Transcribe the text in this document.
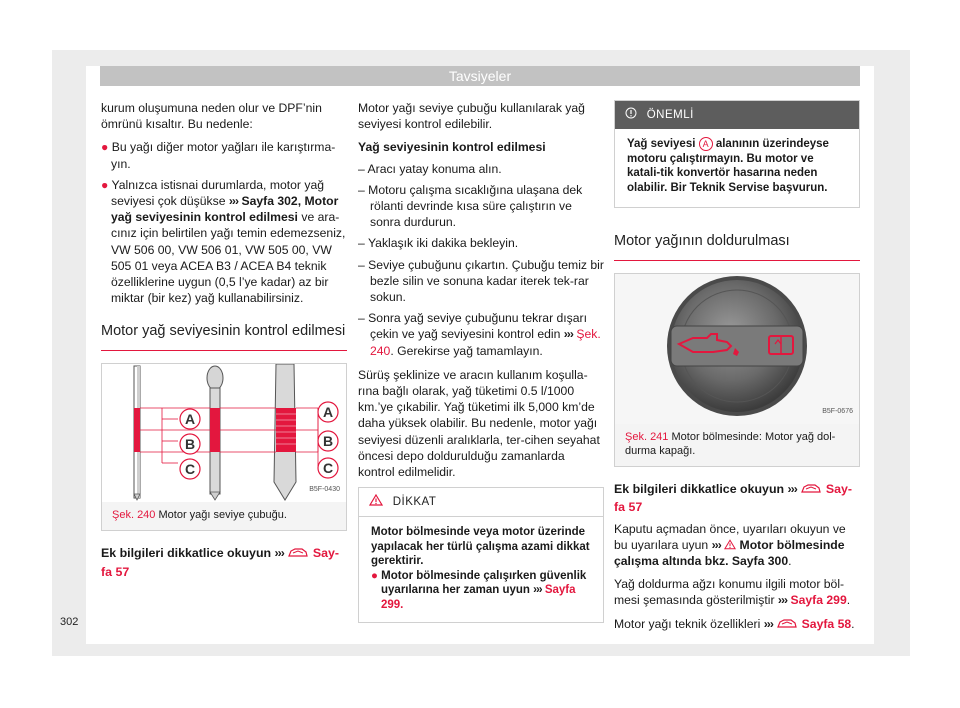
Tavsiyeler
302

kurum oluşumuna neden olur ve DPF’nin ömrünü kısaltır. Bu nedenle:

● Bu yağı diğer motor yağları ile karıştırma-yın.
● Yalnızca istisnai durumlarda, motor yağ seviyesi çok düşükse ››› Sayfa 302, Motor yağ seviyesinin kontrol edilmesi ve ara-cınız için belirtilen yağı temin edemezseniz, VW 506 00, VW 506 01, VW 505 00, VW 505 01 veya ACEA B3 / ACEA B4 teknik özelliklerine uygun (0,5 l’ye kadar) az bir miktar (bir kez) yağ kullanabilirsiniz.
Motor yağ seviyesinin kontrol edilmesi
A
B
C
A
B
C
B5F-0430
Şek. 240 Motor yağı seviye çubuğu.
Ek bilgileri dikkatlice okuyun ››› Say-fa 57

Motor yağı seviye çubuğu kullanılarak yağ seviyesi kontrol edilebilir.

Yağ seviyesinin kontrol edilmesi
– Aracı yatay konuma alın.
– Motoru çalışma sıcaklığına ulaşana dek rölanti devrinde kısa süre çalıştırın ve sonra durdurun.
– Yaklaşık iki dakika bekleyin.
– Seviye çubuğunu çıkartın. Çubuğu temiz bir bezle silin ve sonuna kadar iterek tek-rar sokun.
– Sonra yağ seviye çubuğunu tekrar dışarı çekin ve yağ seviyesini kontrol edin ››› Şek. 240. Gerekirse yağ tamamlayın.

Sürüş şeklinize ve aracın kullanım koşulla-rına bağlı olarak, yağ tüketimi 0.5 l/1000 km.’ye çıkabilir. Yağ tüketimi ilk 5,000 km’de daha yüksek olabilir. Bu nedenle, motor yağı seviyesi düzenli aralıklarla, ter-cihen seyahat öncesi depo doldurulduğu zamanlarda kontrol edilmelidir.

DİKKAT
Motor bölmesinde veya motor üzerinde yapılacak her türlü çalışma azami dikkat gerektirir.
● Motor bölmesinde çalışırken güvenlik uyarılarına her zaman uyun ››› Sayfa 299.
ÖNEMLİ
Yağ seviyesi A alanının üzerindeyse motoru çalıştırmayın. Bu motor ve katali-tik konvertör hasarına neden olabilir. Bir Teknik Servise başvurun.
Motor yağının doldurulması
B5F-0676
Şek. 241 Motor bölmesinde: Motor yağ dol-durma kapağı.
Ek bilgileri dikkatlice okuyun ››› Say-fa 57

Kaputu açmadan önce, uyarıları okuyun ve bu uyarılara uyun ››› Motor bölmesinde çalışma altında bkz. Sayfa 300.

Yağ doldurma ağzı konumu ilgili motor böl-mesi şemasında gösterilmiştir ››› Sayfa 299.

Motor yağı teknik özellikleri ››› Sayfa 58.
